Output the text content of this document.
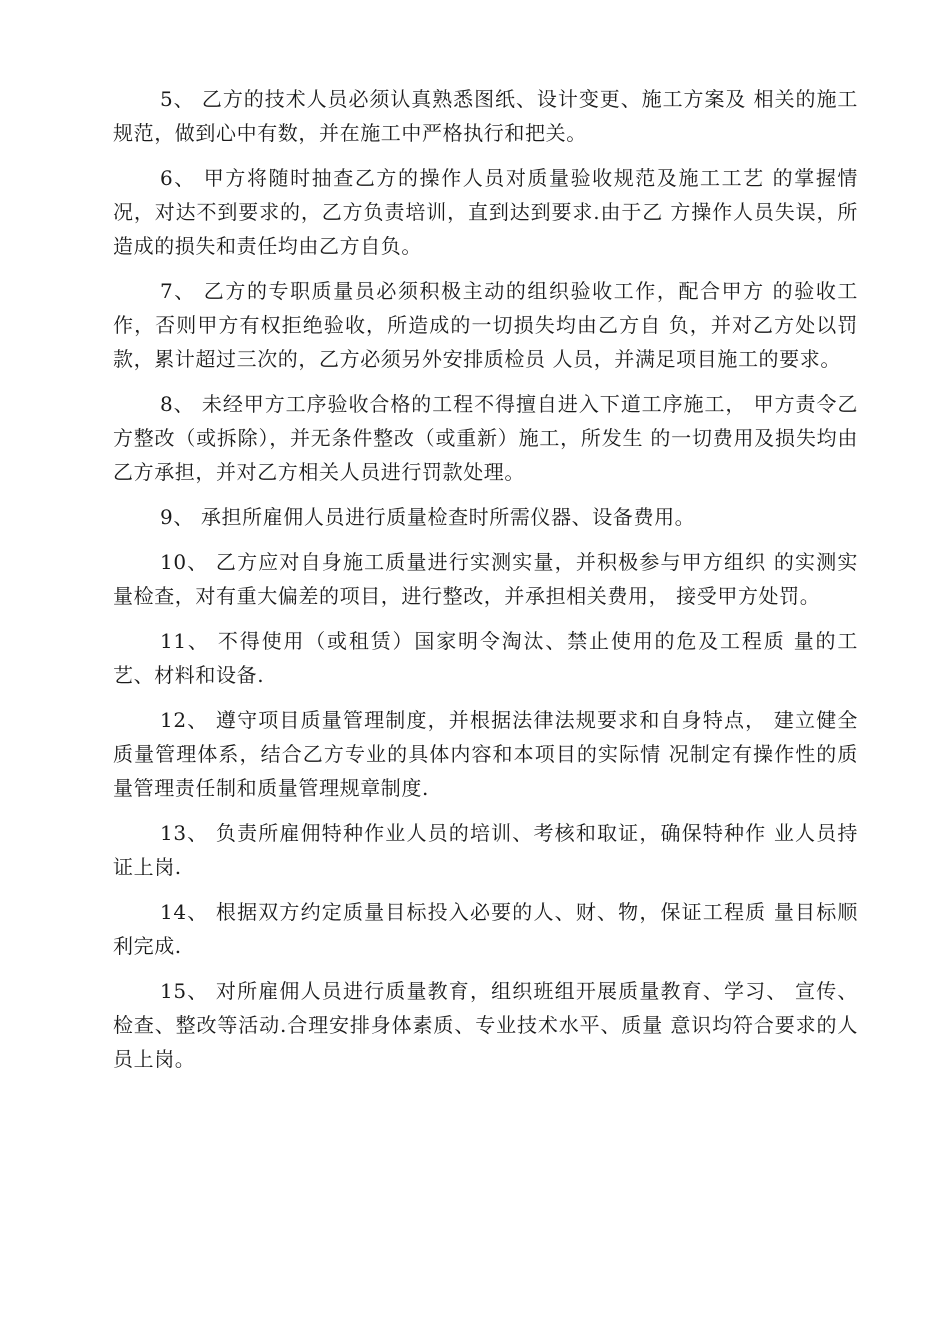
5、 乙方的技术人员必须认真熟悉图纸、设计变更、施工方案及 相关的施工规范，做到心中有数，并在施工中严格执行和把关。

6、 甲方将随时抽查乙方的操作人员对质量验收规范及施工工艺 的掌握情况，对达不到要求的，乙方负责培训，直到达到要求.由于乙 方操作人员失误，所造成的损失和责任均由乙方自负。

7、 乙方的专职质量员必须积极主动的组织验收工作，配合甲方 的验收工作，否则甲方有权拒绝验收，所造成的一切损失均由乙方自 负，并对乙方处以罚款，累计超过三次的，乙方必须另外安排质检员 人员，并满足项目施工的要求。

8、 未经甲方工序验收合格的工程不得擅自进入下道工序施工， 甲方责令乙方整改（或拆除），并无条件整改（或重新）施工，所发生 的一切费用及损失均由乙方承担，并对乙方相关人员进行罚款处理。

9、 承担所雇佣人员进行质量检查时所需仪器、设备费用。

10、 乙方应对自身施工质量进行实测实量，并积极参与甲方组织 的实测实量检查，对有重大偏差的项目，进行整改，并承担相关费用， 接受甲方处罚。

11、 不得使用（或租赁）国家明令淘汰、禁止使用的危及工程质 量的工艺、材料和设备.

12、 遵守项目质量管理制度，并根据法律法规要求和自身特点， 建立健全质量管理体系，结合乙方专业的具体内容和本项目的实际情 况制定有操作性的质量管理责任制和质量管理规章制度.

13、 负责所雇佣特种作业人员的培训、考核和取证，确保特种作 业人员持证上岗.

14、 根据双方约定质量目标投入必要的人、财、物，保证工程质 量目标顺利完成.

15、 对所雇佣人员进行质量教育，组织班组开展质量教育、学习、 宣传、检查、整改等活动.合理安排身体素质、专业技术水平、质量 意识均符合要求的人员上岗。
